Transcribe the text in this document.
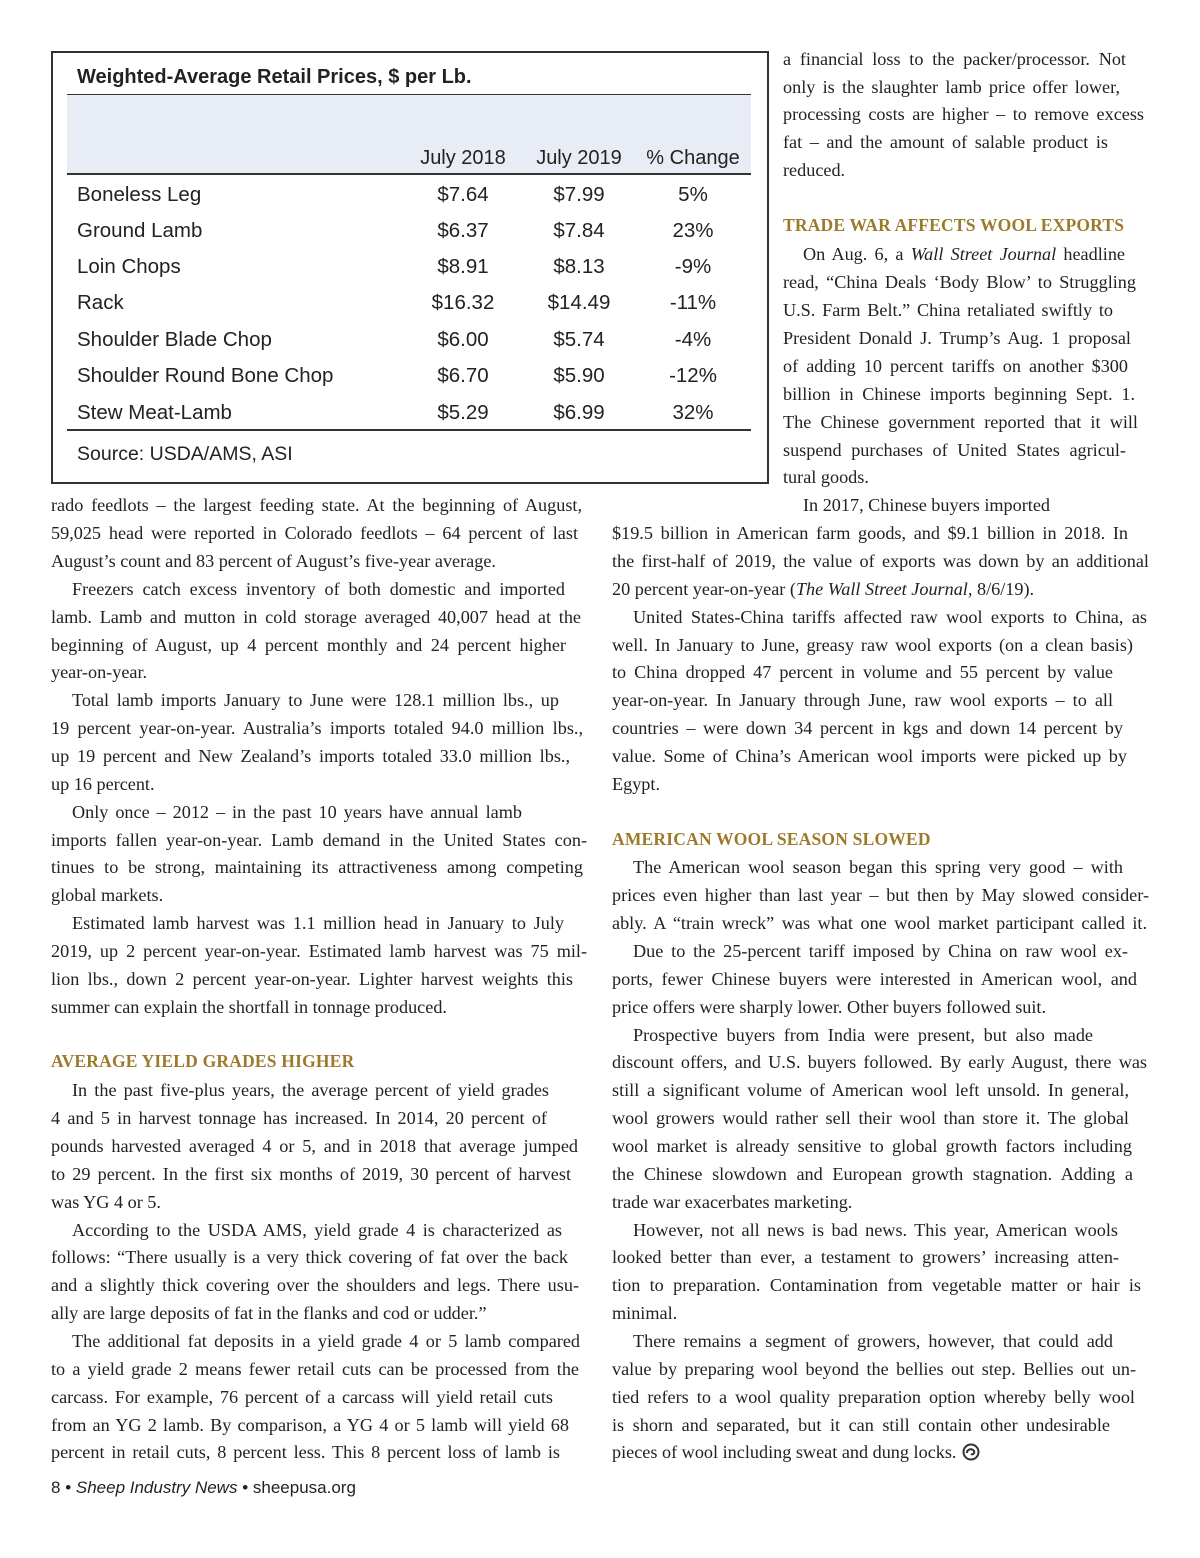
Weighted-Average Retail Prices, $ per Lb.
July 2018	July 2019	% Change
Boneless Leg	$7.64	$7.99	5%
Ground Lamb	$6.37	$7.84	23%
Loin Chops	$8.91	$8.13	-9%
Rack	$16.32	$14.49	-11%
Shoulder Blade Chop	$6.00	$5.74	-4%
Shoulder Round Bone Chop	$6.70	$5.90	-12%
Stew Meat-Lamb	$5.29	$6.99	32%
Source: USDA/AMS, ASI
a financial loss to the packer/processor. Not
only is the slaughter lamb price offer lower,
processing costs are higher – to remove excess
fat – and the amount of salable product is
reduced.
TRADE WAR AFFECTS WOOL EXPORTS
On Aug. 6, a Wall Street Journal headline
read, “China Deals ‘Body Blow’ to Struggling
U.S. Farm Belt.” China retaliated swiftly to
President Donald J. Trump’s Aug. 1 proposal
of adding 10 percent tariffs on another $300
billion in Chinese imports beginning Sept. 1.
The Chinese government reported that it will
suspend purchases of United States agricul-
tural goods.
In 2017, Chinese buyers imported
$19.5 billion in American farm goods, and $9.1 billion in 2018. In
the first-half of 2019, the value of exports was down by an additional
20 percent year-on-year (The Wall Street Journal, 8/6/19).
United States-China tariffs affected raw wool exports to China, as
well. In January to June, greasy raw wool exports (on a clean basis)
to China dropped 47 percent in volume and 55 percent by value
year-on-year. In January through June, raw wool exports – to all
countries – were down 34 percent in kgs and down 14 percent by
value. Some of China’s American wool imports were picked up by
Egypt.
AMERICAN WOOL SEASON SLOWED
The American wool season began this spring very good – with
prices even higher than last year – but then by May slowed consider-
ably. A “train wreck” was what one wool market participant called it.
Due to the 25-percent tariff imposed by China on raw wool ex-
ports, fewer Chinese buyers were interested in American wool, and
price offers were sharply lower. Other buyers followed suit.
Prospective buyers from India were present, but also made
discount offers, and U.S. buyers followed. By early August, there was
still a significant volume of American wool left unsold. In general,
wool growers would rather sell their wool than store it. The global
wool market is already sensitive to global growth factors including
the Chinese slowdown and European growth stagnation. Adding a
trade war exacerbates marketing.
However, not all news is bad news. This year, American wools
looked better than ever, a testament to growers’ increasing atten-
tion to preparation. Contamination from vegetable matter or hair is
minimal.
There remains a segment of growers, however, that could add
value by preparing wool beyond the bellies out step. Bellies out un-
tied refers to a wool quality preparation option whereby belly wool
is shorn and separated, but it can still contain other undesirable
pieces of wool including sweat and dung locks.
rado feedlots – the largest feeding state. At the beginning of August,
59,025 head were reported in Colorado feedlots – 64 percent of last
August’s count and 83 percent of August’s five-year average.
Freezers catch excess inventory of both domestic and imported
lamb. Lamb and mutton in cold storage averaged 40,007 head at the
beginning of August, up 4 percent monthly and 24 percent higher
year-on-year.
Total lamb imports January to June were 128.1 million lbs., up
19 percent year-on-year. Australia’s imports totaled 94.0 million lbs.,
up 19 percent and New Zealand’s imports totaled 33.0 million lbs.,
up 16 percent.
Only once – 2012 – in the past 10 years have annual lamb
imports fallen year-on-year. Lamb demand in the United States con-
tinues to be strong, maintaining its attractiveness among competing
global markets.
Estimated lamb harvest was 1.1 million head in January to July
2019, up 2 percent year-on-year. Estimated lamb harvest was 75 mil-
lion lbs., down 2 percent year-on-year. Lighter harvest weights this
summer can explain the shortfall in tonnage produced.
AVERAGE YIELD GRADES HIGHER
In the past five-plus years, the average percent of yield grades
4 and 5 in harvest tonnage has increased. In 2014, 20 percent of
pounds harvested averaged 4 or 5, and in 2018 that average jumped
to 29 percent. In the first six months of 2019, 30 percent of harvest
was YG 4 or 5.
According to the USDA AMS, yield grade 4 is characterized as
follows: “There usually is a very thick covering of fat over the back
and a slightly thick covering over the shoulders and legs. There usu-
ally are large deposits of fat in the flanks and cod or udder.”
The additional fat deposits in a yield grade 4 or 5 lamb compared
to a yield grade 2 means fewer retail cuts can be processed from the
carcass. For example, 76 percent of a carcass will yield retail cuts
from an YG 2 lamb. By comparison, a YG 4 or 5 lamb will yield 68
percent in retail cuts, 8 percent less. This 8 percent loss of lamb is
8 • Sheep Industry News • sheepusa.org
